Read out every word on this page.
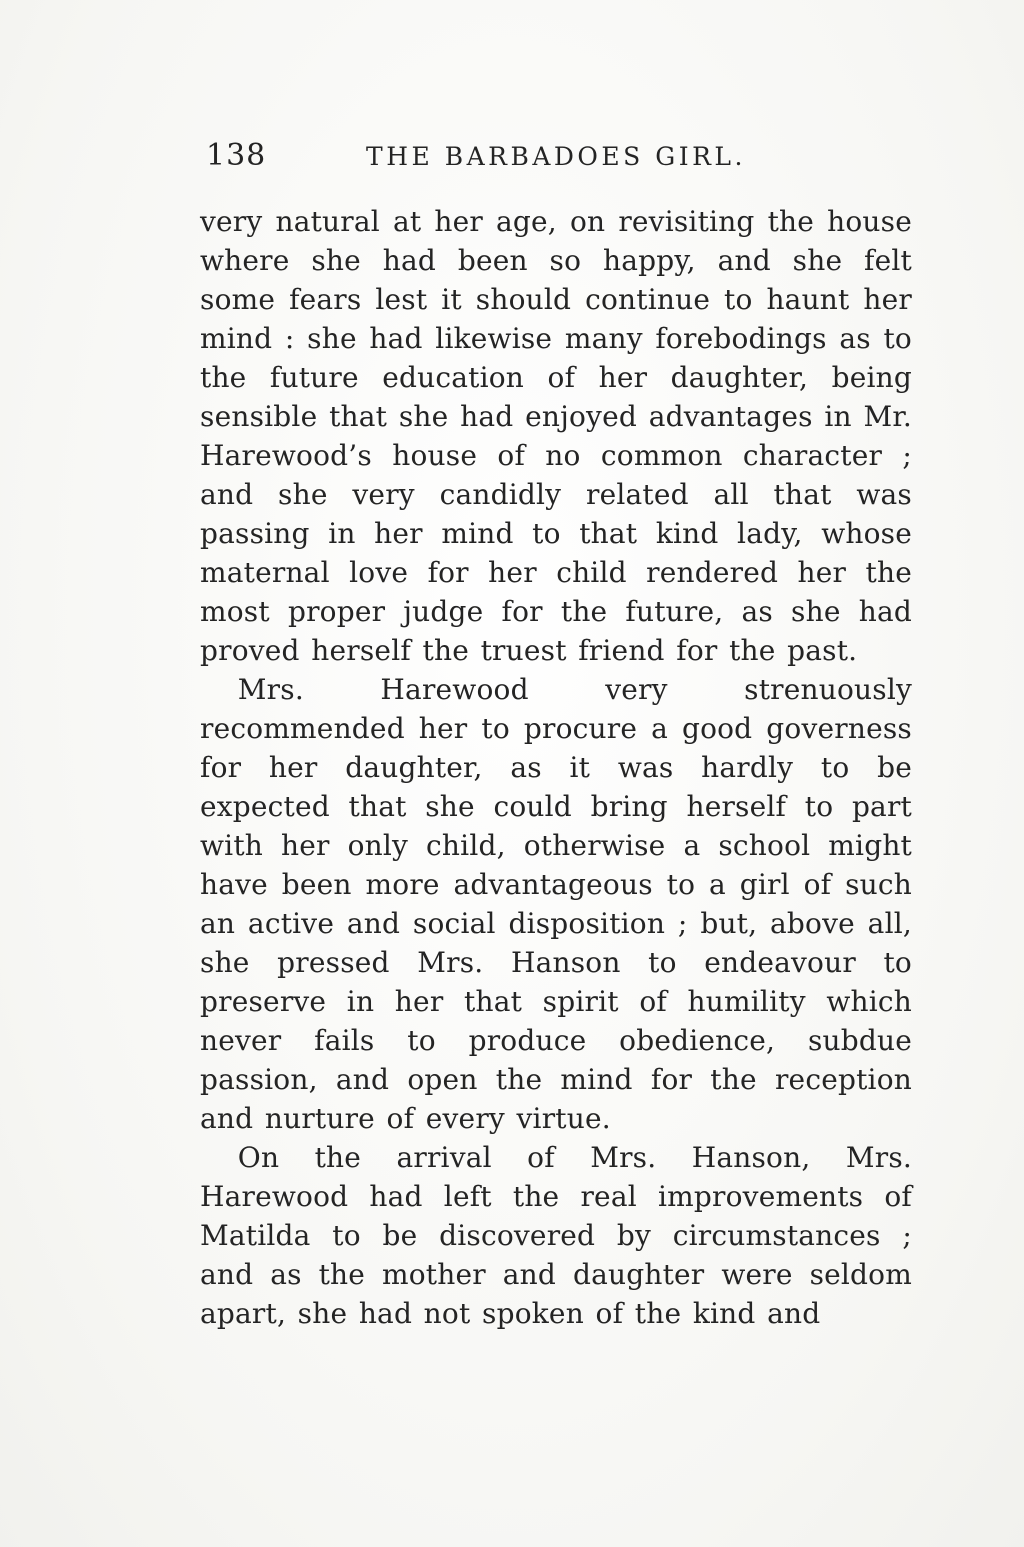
138	THE BARBADOES GIRL.

very natural at her age, on revisiting the house where she had been so happy, and she felt some fears lest it should continue to haunt her mind : she had likewise many forebodings as to the future education of her daughter, being sensible that she had enjoyed advantages in Mr. Harewood’s house of no common character ; and she very candidly related all that was passing in her mind to that kind lady, whose maternal love for her child rendered her the most proper judge for the future, as she had proved herself the truest friend for the past.

Mrs. Harewood very strenuously recommended her to procure a good governess for her daughter, as it was hardly to be expected that she could bring herself to part with her only child, otherwise a school might have been more advantageous to a girl of such an active and social disposition ; but, above all, she pressed Mrs. Hanson to endeavour to preserve in her that spirit of humility which never fails to produce obedience, subdue passion, and open the mind for the reception and nurture of every virtue.

On the arrival of Mrs. Hanson, Mrs. Harewood had left the real improvements of Matilda to be discovered by circumstances ; and as the mother and daughter were seldom apart, she had not spoken of the kind and
